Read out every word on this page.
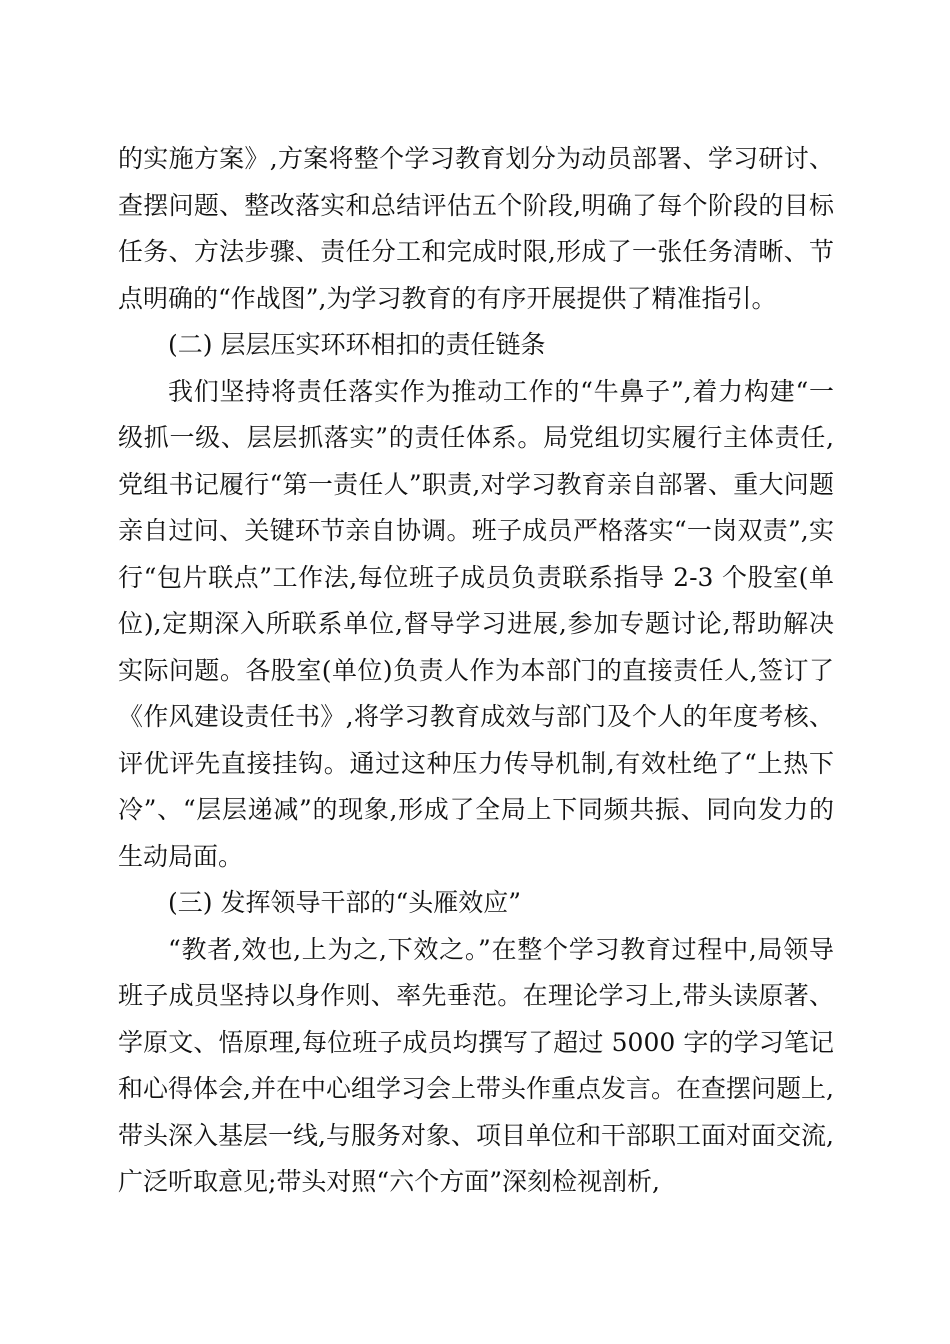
的实施方案》,方案将整个学习教育划分为动员部署、学习研讨、查摆问题、整改落实和总结评估五个阶段,明确了每个阶段的目标任务、方法步骤、责任分工和完成时限,形成了一张任务清晰、节点明确的“作战图”,为学习教育的有序开展提供了精准指引。

(二) 层层压实环环相扣的责任链条

我们坚持将责任落实作为推动工作的“牛鼻子”,着力构建“一级抓一级、层层抓落实”的责任体系。局党组切实履行主体责任,党组书记履行“第一责任人”职责,对学习教育亲自部署、重大问题亲自过问、关键环节亲自协调。班子成员严格落实“一岗双责”,实行“包片联点”工作法,每位班子成员负责联系指导 2-3 个股室(单位),定期深入所联系单位,督导学习进展,参加专题讨论,帮助解决实际问题。各股室(单位)负责人作为本部门的直接责任人,签订了《作风建设责任书》,将学习教育成效与部门及个人的年度考核、评优评先直接挂钩。通过这种压力传导机制,有效杜绝了“上热下冷”、“层层递减”的现象,形成了全局上下同频共振、同向发力的生动局面。

(三) 发挥领导干部的“头雁效应”

“教者,效也,上为之,下效之。”在整个学习教育过程中,局领导班子成员坚持以身作则、率先垂范。在理论学习上,带头读原著、学原文、悟原理,每位班子成员均撰写了超过 5000 字的学习笔记和心得体会,并在中心组学习会上带头作重点发言。在查摆问题上,带头深入基层一线,与服务对象、项目单位和干部职工面对面交流,广泛听取意见;带头对照“六个方面”深刻检视剖析,
